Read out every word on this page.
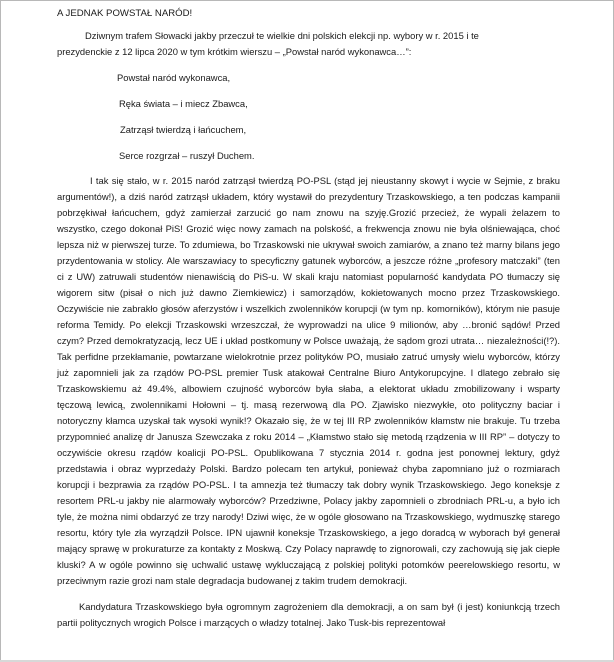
A JEDNAK POWSTAŁ NARÓD!

Dziwnym trafem Słowacki jakby przeczuł te wielkie dni polskich elekcji np. wybory w r. 2015 i te prezydenckie z 12 lipca 2020 w tym krótkim wierszu – „Powstał naród wykonawca…”:

Powstał naród wykonawca,

Ręka świata – i miecz Zbawca,

Zatrząsł twierdzą i łańcuchem,

Serce rozgrzał – ruszył Duchem.

I tak się stało, w r. 2015 naród zatrząsł twierdzą PO-PSL (stąd jej nieustanny skowyt i wycie w Sejmie, z braku argumentów!), a dziś naród zatrząsł układem, który wystawił do prezydentury Trzaskowskiego, a ten podczas kampanii pobrzękiwał łańcuchem, gdyż zamierzał zarzucić go nam znowu na szyję.Grozić przecież, że wypali żelazem to wszystko, czego dokonał PiS! Grozić więc nowy zamach na polskość, a frekwencja znowu nie była olśniewająca, choć lepsza niż w pierwszej turze. To zdumiewa, bo Trzaskowski nie ukrywał swoich zamiarów, a znano też marny bilans jego przydentowania w stolicy. Ale warszawiacy to specyficzny gatunek wyborców, a jeszcze różne „profesory matczaki” (ten ci z UW) zatruwali studentów nienawiścią do PiS-u. W skali kraju natomiast popularność kandydata PO tłumaczy się wigorem sitw (pisał o nich już dawno Ziemkiewicz) i samorządów, kokietowanych mocno przez Trzaskowskiego. Oczywiście nie zabrakło głosów aferzystów i wszelkich zwolenników korupcji (w tym np. komorników), którym nie pasuje reforma Temidy. Po elekcji Trzaskowski wrzeszczał, że wyprowadzi na ulice 9 milionów, aby …bronić sądów! Przed czym? Przed demokratyzacją, lecz UE i układ postkomuny w Polsce uważają, że sądom grozi utrata… niezależności(!?). Tak perfidne przekłamanie, powtarzane wielokrotnie przez polityków PO, musiało zatruć umysły wielu wyborców, którzy już zapomnieli jak za rządów PO-PSL premier Tusk atakował Centralne Biuro Antykorupcyjne. I dlatego zebrało się Trzaskowskiemu aż 49.4%, albowiem czujność wyborców była słaba, a elektorat układu zmobilizowany i wsparty tęczową lewicą, zwolennikami Hołowni – tj. masą rezerwową dla PO. Zjawisko niezwykłe, oto polityczny baciar i notoryczny kłamca uzyskał tak wysoki wynik!? Okazało się, że w tej III RP zwolenników kłamstw nie brakuje. Tu trzeba przypomnieć analizę dr Janusza Szewczaka z roku 2014 – „Kłamstwo stało się metodą rządzenia w III RP” – dotyczy to oczywiście okresu rządów koalicji PO-PSL. Opublikowana 7 stycznia 2014 r. godna jest ponownej lektury, gdyż przedstawia i obraz wyprzedaży Polski. Bardzo polecam ten artykuł, ponieważ chyba zapomniano już o rozmiarach korupcji i bezprawia za rządów PO-PSL. I ta amnezja też tłumaczy tak dobry wynik Trzaskowskiego. Jego koneksje z resortem PRL-u jakby nie alarmowały wyborców? Przedziwne, Polacy jakby zapomnieli o zbrodniach PRL-u, a było ich tyle, że można nimi obdarzyć ze trzy narody! Dziwi więc, że w ogóle głosowano na Trzaskowskiego, wydmuszkę starego resortu, który tyle zła wyrządził Polsce. IPN ujawnił koneksje Trzaskowskiego, a jego doradcą w wyborach był generał mający sprawę w prokuraturze za kontakty z Moskwą. Czy Polacy naprawdę to zignorowali, czy zachowują się jak ciepłe kluski? A w ogóle powinno się uchwalić ustawę wykluczającą z polskiej polityki potomków peerelowskiego resortu, w przeciwnym razie grozi nam stale degradacja budowanej z takim trudem demokracji.

Kandydatura Trzaskowskiego była ogromnym zagrożeniem dla demokracji, a on sam był (i jest) koniunkcją trzech partii politycznych wrogich Polsce i marzących o władzy totalnej. Jako Tusk-bis reprezentował
